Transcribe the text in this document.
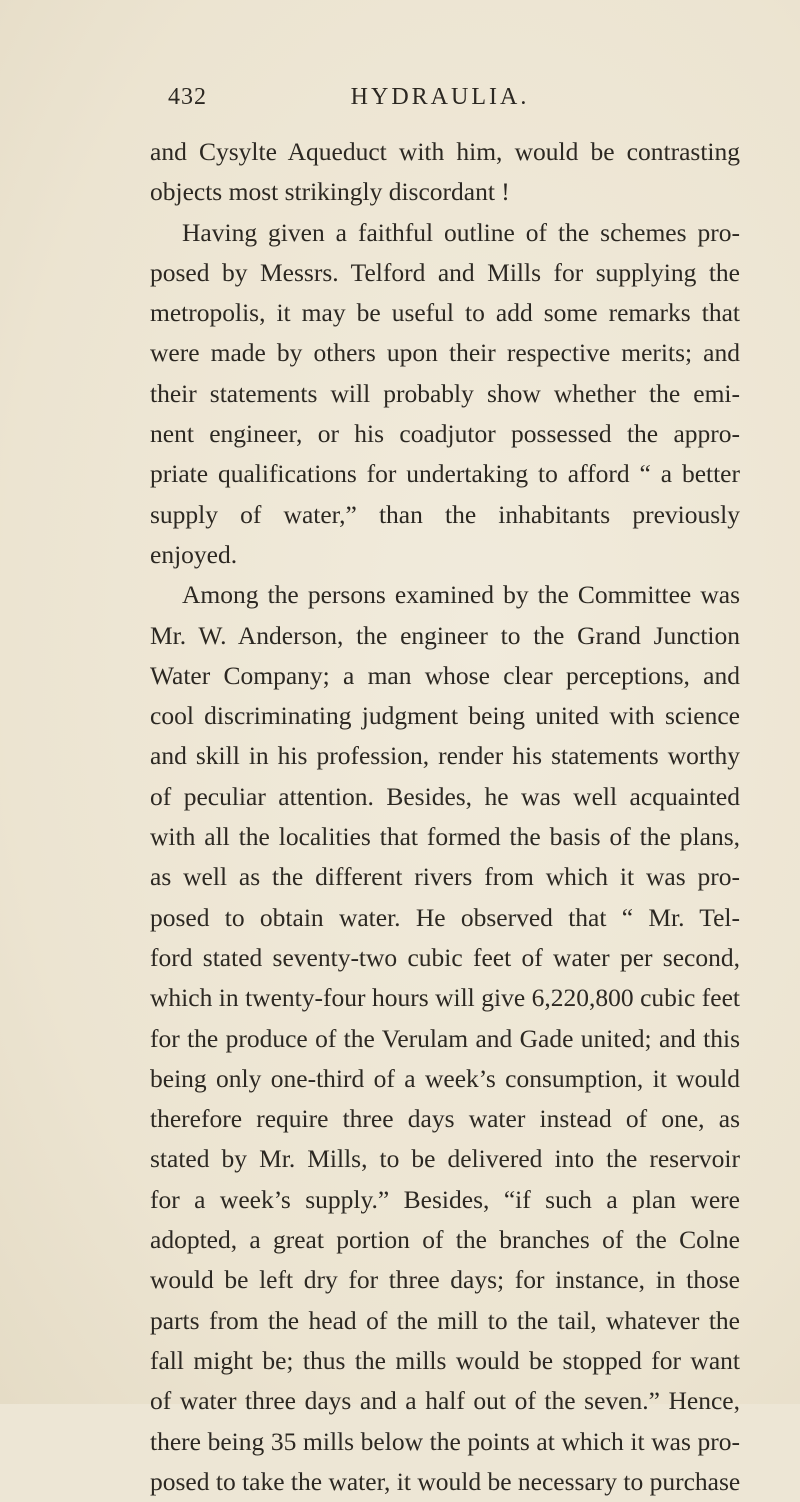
432	HYDRAULIA.
and Cysylte Aqueduct with him, would be contrasting
objects most strikingly discordant !
Having given a faithful outline of the schemes pro-
posed by Messrs. Telford and Mills for supplying the
metropolis, it may be useful to add some remarks that
were made by others upon their respective merits; and
their statements will probably show whether the emi-
nent engineer, or his coadjutor possessed the appro-
priate qualifications for undertaking to afford “ a better
supply of water,” than the inhabitants previously
enjoyed.
Among the persons examined by the Committee was
Mr. W. Anderson, the engineer to the Grand Junction
Water Company; a man whose clear perceptions, and
cool discriminating judgment being united with science
and skill in his profession, render his statements worthy
of peculiar attention. Besides, he was well acquainted
with all the localities that formed the basis of the plans,
as well as the different rivers from which it was pro-
posed to obtain water. He observed that “ Mr. Tel-
ford stated seventy-two cubic feet of water per second,
which in twenty-four hours will give 6,220,800 cubic feet
for the produce of the Verulam and Gade united; and this
being only one-third of a week’s consumption, it would
therefore require three days water instead of one, as
stated by Mr. Mills, to be delivered into the reservoir
for a week’s supply.” Besides, “if such a plan were
adopted, a great portion of the branches of the Colne
would be left dry for three days; for instance, in those
parts from the head of the mill to the tail, whatever the
fall might be; thus the mills would be stopped for want
of water three days and a half out of the seven.” Hence,
there being 35 mills below the points at which it was pro-
posed to take the water, it would be necessary to purchase
